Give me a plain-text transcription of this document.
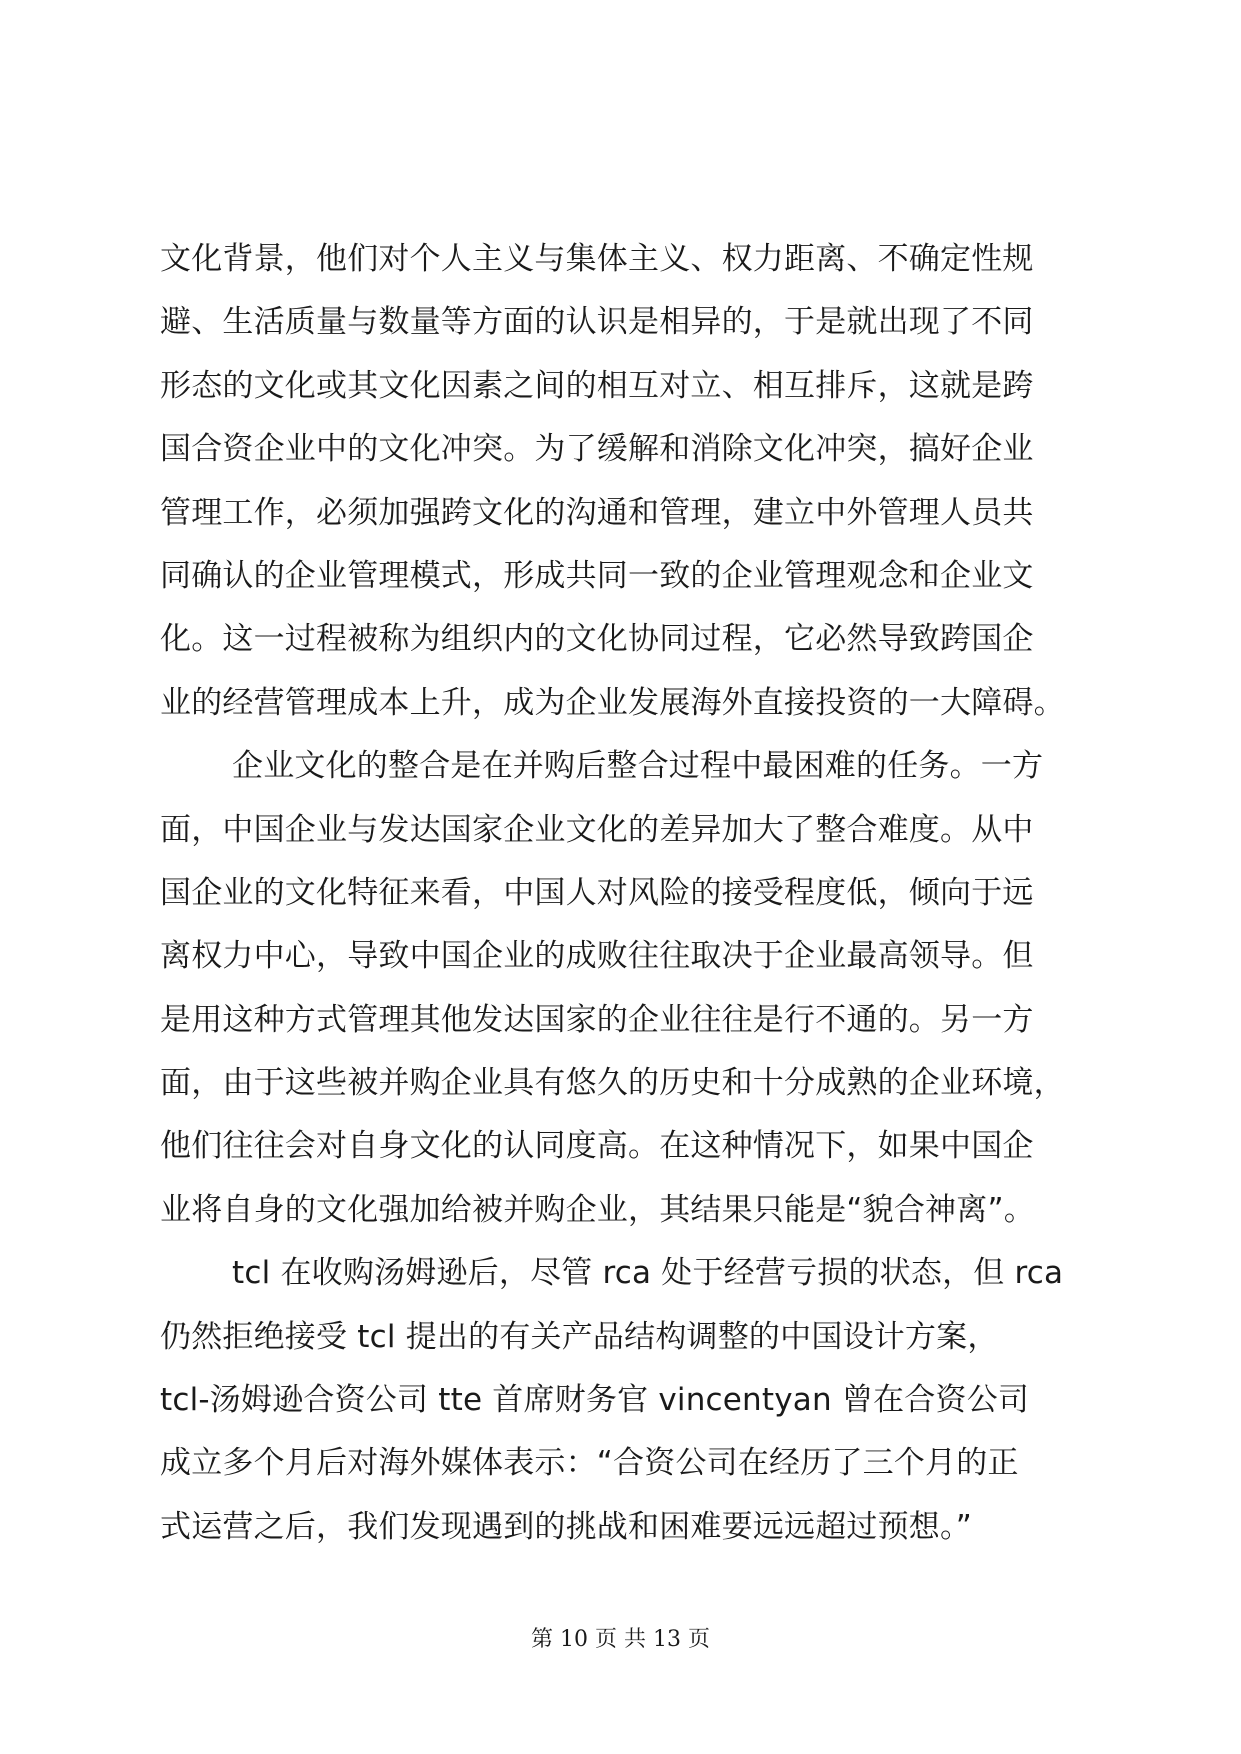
文化背景，他们对个人主义与集体主义、权力距离、不确定性规
避、生活质量与数量等方面的认识是相异的，于是就出现了不同
形态的文化或其文化因素之间的相互对立、相互排斥，这就是跨
国合资企业中的文化冲突。为了缓解和消除文化冲突，搞好企业
管理工作，必须加强跨文化的沟通和管理，建立中外管理人员共
同确认的企业管理模式，形成共同一致的企业管理观念和企业文
化。这一过程被称为组织内的文化协同过程，它必然导致跨国企
业的经营管理成本上升，成为企业发展海外直接投资的一大障碍。
企业文化的整合是在并购后整合过程中最困难的任务。一方
面，中国企业与发达国家企业文化的差异加大了整合难度。从中
国企业的文化特征来看，中国人对风险的接受程度低，倾向于远
离权力中心，导致中国企业的成败往往取决于企业最高领导。但
是用这种方式管理其他发达国家的企业往往是行不通的。另一方
面，由于这些被并购企业具有悠久的历史和十分成熟的企业环境，
他们往往会对自身文化的认同度高。在这种情况下，如果中国企
业将自身的文化强加给被并购企业，其结果只能是“貌合神离”。
tcl 在收购汤姆逊后，尽管 rca 处于经营亏损的状态，但 rca
仍然拒绝接受 tcl 提出的有关产品结构调整的中国设计方案，
tcl-汤姆逊合资公司 tte 首席财务官 vincentyan 曾在合资公司
成立多个月后对海外媒体表示：“合资公司在经历了三个月的正
式运营之后，我们发现遇到的挑战和困难要远远超过预想。”
第 10 页 共 13 页
